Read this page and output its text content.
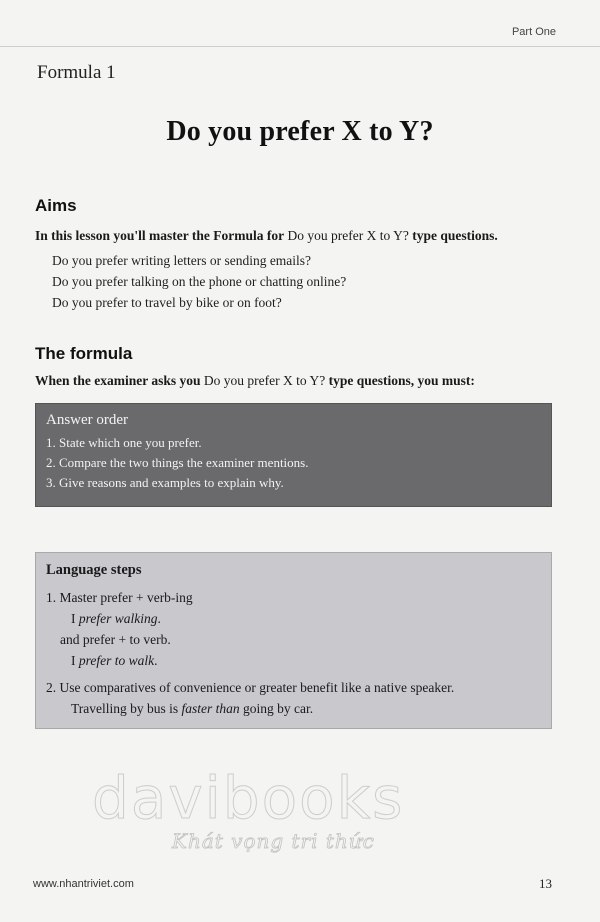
Part One
Formula 1
Do you prefer X to Y?
Aims
In this lesson you'll master the Formula for Do you prefer X to Y? type questions.
Do you prefer writing letters or sending emails?
Do you prefer talking on the phone or chatting online?
Do you prefer to travel by bike or on foot?
The formula
When the examiner asks you Do you prefer X to Y? type questions, you must:
Answer order
1. State which one you prefer.
2. Compare the two things the examiner mentions.
3. Give reasons and examples to explain why.
Language steps
1. Master prefer + verb-ing
I prefer walking.
and prefer + to verb.
I prefer to walk.
2. Use comparatives of convenience or greater benefit like a native speaker.
Travelling by bus is faster than going by car.
davibooks
Khát vọng tri thức
www.nhantriviet.com	13
